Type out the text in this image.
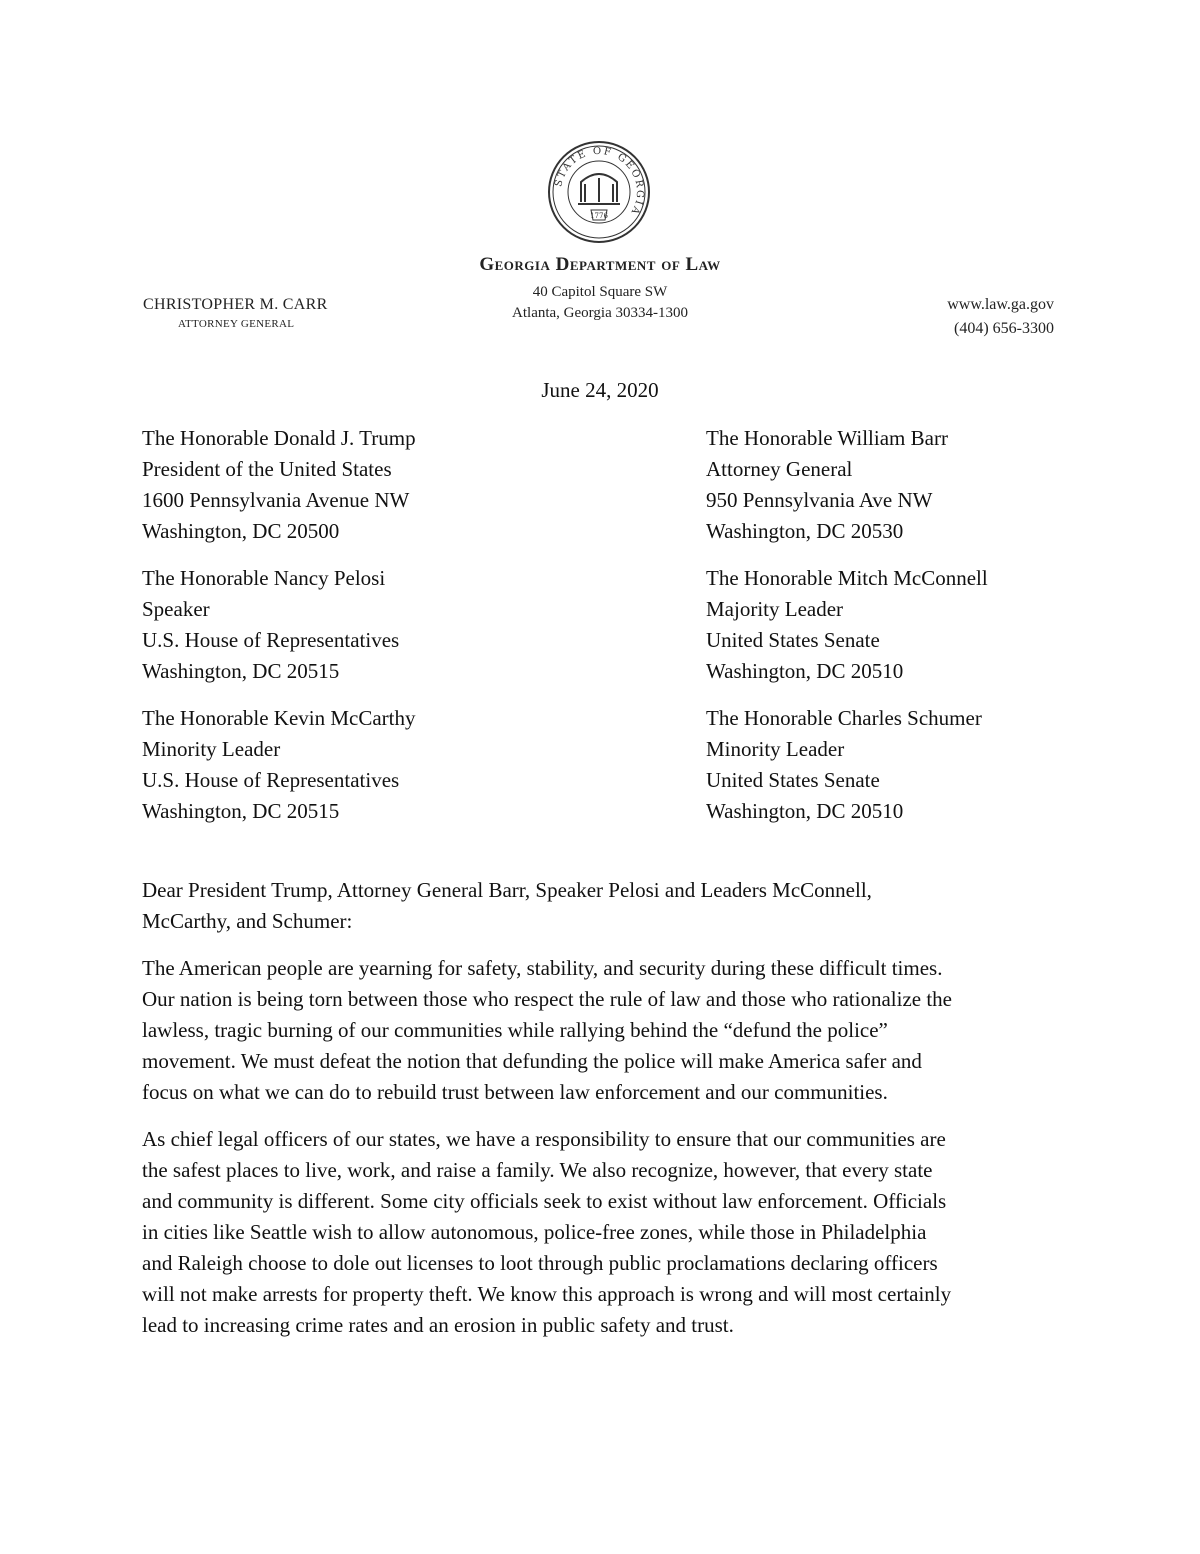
STATE OF GEORGIA
1776
Georgia Department of Law
40 Capitol Square SW
Atlanta, Georgia 30334-1300
CHRISTOPHER M. CARR
ATTORNEY GENERAL
www.law.ga.gov
(404) 656-3300
June 24, 2020
The Honorable Donald J. Trump
President of the United States
1600 Pennsylvania Avenue NW
Washington, DC 20500
The Honorable William Barr
Attorney General
950 Pennsylvania Ave NW
Washington, DC 20530
The Honorable Nancy Pelosi
Speaker
U.S. House of Representatives
Washington, DC 20515
The Honorable Mitch McConnell
Majority Leader
United States Senate
Washington, DC 20510
The Honorable Kevin McCarthy
Minority Leader
U.S. House of Representatives
Washington, DC 20515
The Honorable Charles Schumer
Minority Leader
United States Senate
Washington, DC 20510
Dear President Trump, Attorney General Barr, Speaker Pelosi and Leaders McConnell,
McCarthy, and Schumer:
The American people are yearning for safety, stability, and security during these difficult times.
Our nation is being torn between those who respect the rule of law and those who rationalize the
lawless, tragic burning of our communities while rallying behind the “defund the police”
movement. We must defeat the notion that defunding the police will make America safer and
focus on what we can do to rebuild trust between law enforcement and our communities.
As chief legal officers of our states, we have a responsibility to ensure that our communities are
the safest places to live, work, and raise a family. We also recognize, however, that every state
and community is different. Some city officials seek to exist without law enforcement. Officials
in cities like Seattle wish to allow autonomous, police-free zones, while those in Philadelphia
and Raleigh choose to dole out licenses to loot through public proclamations declaring officers
will not make arrests for property theft. We know this approach is wrong and will most certainly
lead to increasing crime rates and an erosion in public safety and trust.
